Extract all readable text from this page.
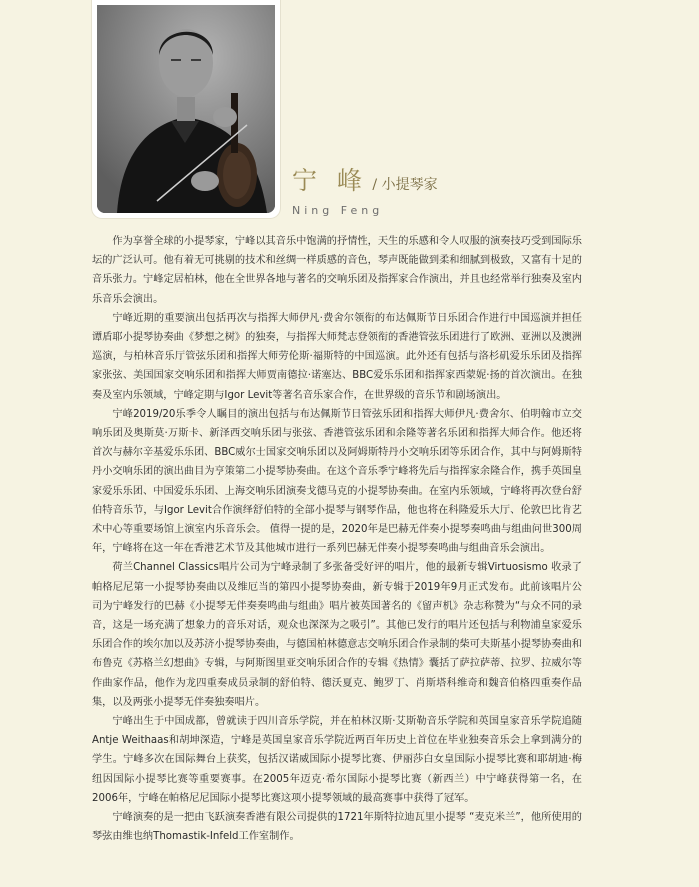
宁 峰 / 小提琴家
Ning Feng

作为享誉全球的小提琴家，宁峰以其音乐中饱满的抒情性，天生的乐感和令人叹服的演奏技巧受到国际乐坛的广泛认可。他有着无可挑剔的技术和丝绸一样质感的音色，琴声既能做到柔和细腻到极致，又富有十足的音乐张力。宁峰定居柏林，他在全世界各地与著名的交响乐团及指挥家合作演出，并且也经常举行独奏及室内乐音乐会演出。

宁峰近期的重要演出包括再次与指挥大师伊凡·费舍尔领衔的布达佩斯节日乐团合作进行中国巡演并担任谭盾耶小提琴协奏曲《梦想之树》的独奏，与指挥大师梵志登领衔的香港管弦乐团进行了欧洲、亚洲以及澳洲巡演，与柏林音乐厅管弦乐团和指挥大师劳伦斯·福斯特的中国巡演。此外还有包括与洛杉矶爱乐乐团及指挥家张弦、美国国家交响乐团和指挥大师贾南德拉·诺塞达、BBC爱乐乐团和指挥家西蒙妮·扬的首次演出。在独奏及室内乐领域，宁峰定期与Igor Levit等著名音乐家合作，在世界级的音乐节和剧场演出。

宁峰2019/20乐季令人瞩目的演出包括与布达佩斯节日管弦乐团和指挥大师伊凡·费舍尔、伯明翰市立交响乐团及奥斯莫·万斯卡、新泽西交响乐团与张弦、香港管弦乐团和余隆等著名乐团和指挥大师合作。他还将首次与赫尔辛基爱乐乐团、BBC威尔士国家交响乐团以及阿姆斯特丹小交响乐团等乐团合作，其中与阿姆斯特丹小交响乐团的演出曲目为亨策第二小提琴协奏曲。在这个音乐季宁峰将先后与指挥家余隆合作，携手英国皇家爱乐乐团、中国爱乐乐团、上海交响乐团演奏戈德马克的小提琴协奏曲。在室内乐领域，宁峰将再次登台舒伯特音乐节，与Igor Levit合作演绎舒伯特的全部小提琴与钢琴作品，他也将在科隆爱乐大厅、伦敦巴比肯艺术中心等重要场馆上演室内乐音乐会。 值得一提的是，2020年是巴赫无伴奏小提琴奏鸣曲与组曲问世300周年，宁峰将在这一年在香港艺术节及其他城市进行一系列巴赫无伴奏小提琴奏鸣曲与组曲音乐会演出。

荷兰Channel Classics唱片公司为宁峰录制了多张备受好评的唱片，他的最新专辑Virtuosismo 收录了帕格尼尼第一小提琴协奏曲以及维厄当的第四小提琴协奏曲，新专辑于2019年9月正式发布。此前该唱片公司为宁峰发行的巴赫《小提琴无伴奏奏鸣曲与组曲》唱片被英国著名的《留声机》杂志称赞为“与众不同的录音，这是一场充满了想象力的音乐对话，观众也深深为之吸引”。其他已发行的唱片还包括与利物浦皇家爱乐乐团合作的埃尔加以及苏济小提琴协奏曲，与德国柏林德意志交响乐团合作录制的柴可夫斯基小提琴协奏曲和布鲁克《苏格兰幻想曲》专辑，与阿斯图里亚交响乐团合作的专辑《热情》囊括了萨拉萨蒂、拉罗、拉威尔等作曲家作品，他作为龙四重奏成员录制的舒伯特、德沃夏克、鲍罗丁、肖斯塔科维奇和魏音伯格四重奏作品集，以及两张小提琴无伴奏独奏唱片。

宁峰出生于中国成都，曾就读于四川音乐学院，并在柏林汉斯·艾斯勒音乐学院和英国皇家音乐学院追随Antje Weithaas和胡坤深造，宁峰是英国皇家音乐学院近两百年历史上首位在毕业独奏音乐会上拿到满分的学生。宁峰多次在国际舞台上获奖，包括汉诺威国际小提琴比赛、伊丽莎白女皇国际小提琴比赛和耶胡迪·梅纽因国际小提琴比赛等重要赛事。在2005年迈克·希尔国际小提琴比赛（新西兰）中宁峰获得第一名，在2006年，宁峰在帕格尼尼国际小提琴比赛这项小提琴领域的最高赛事中获得了冠军。

宁峰演奏的是一把由飞跃演奏香港有限公司提供的1721年斯特拉迪瓦里小提琴 “麦克米兰”，他所使用的琴弦由维也纳Thomastik-Infeld工作室制作。
